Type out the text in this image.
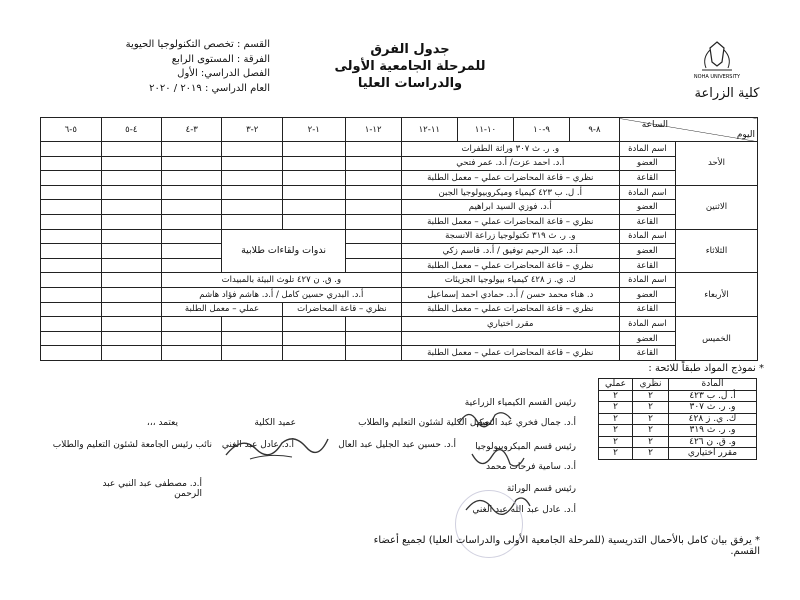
NOHA UNIVERSITY
كلية الزراعة
جدول الفرق
للمرحلة الجامعية الأولى والدراسات العليا
القسم : تخصص التكنولوجيا الحيوية
الفرقة : المستوى الرابع
الفصل الدراسي: الأول
العام الدراسي : ٢٠١٩ / ٢٠٢٠
الساعة
اليوم		٨-٩	٩-١٠	١٠-١١	١١-١٢	١٢-١	١-٢	٢-٣	٣-٤	٤-٥	٥-٦
الأحد	اسم المادة	و. ر. ث ٣٠٧ وراثة الطفرات									
	العضو	أ.د. احمد عزت/ أ.د. عمر فتحي									
	القاعة	نظري – قاعة المحاضرات عملي – معمل الطلبة									
الاثنين	اسم المادة	أ. ل. ب ٤٢٣ كيمياء وميكروبيولوجيا الجبن									
	العضو	أ.د. فوزي السيد ابراهيم									
	القاعة	نظري – قاعة المحاضرات عملي – معمل الطلبة									
الثلاثاء	اسم المادة	و. ر. ث ٣١٩ تكنولوجيا زراعة الانسجة					ندوات ولقاءات طلابية				
	العضو	أ.د. عبد الرحيم توفيق / أ.د. قاسم زكي									
	القاعة	نظري – قاعة المحاضرات عملي – معمل الطلبة									
الأربعاء	اسم المادة	ك. ي. ز ٤٢٨ كيمياء بيولوجيا الجزيئات				و. ق. ن ٤٢٧ تلوث البيئة بالمبيدات					
	العضو	د. هناء محمد حسن / أ.د. حمادي احمد إسماعيل				أ.د. البدري حسين كامل / أ.د. هاشم فؤاد هاشم					
	القاعة	نظري – قاعة المحاضرات عملي – معمل الطلبة				نظري – قاعة المحاضرات		عملي – معمل الطلبة			
الخميس	اسم المادة	مقرر اختياري									
	العضو										
	القاعة	نظري – قاعة المحاضرات عملي – معمل الطلبة									
* نموذج المواد طبقاً للائحة :
المادة	نظري	عملي
أ. ل. ب ٤٢٣	٢	٢
و. ر. ث ٣٠٧	٢	٢
ك. ي. ز ٤٢٨	٢	٢
و. ر. ث ٣١٩	٢	٢
و. ق. ن ٤٢٦	٢	٢
مقرر اختياري	٢	٢
رئيس القسم الكيمياء الزراعية
أ.د. جمال فخري عبد النعيم
رئيس قسم الميكروبيولوجيا
أ.د. سامية فرحات محمد
رئيس قسم الوراثة
أ.د. عادل عبد الله عبد الغني
وكيل الكلية لشئون التعليم والطلاب
أ.د. حسين عبد الجليل عبد العال
عميد الكلية
أ.د. عادل عبد الغني
يعتمد ،،،
نائب رئيس الجامعة لشئون التعليم والطلاب
أ.د. مصطفى عبد النبي عبد الرحمن
* يرفق بيان كامل بالأحمال التدريسية (للمرحلة الجامعية الأولى والدراسات العليا) لجميع أعضاء القسم.
